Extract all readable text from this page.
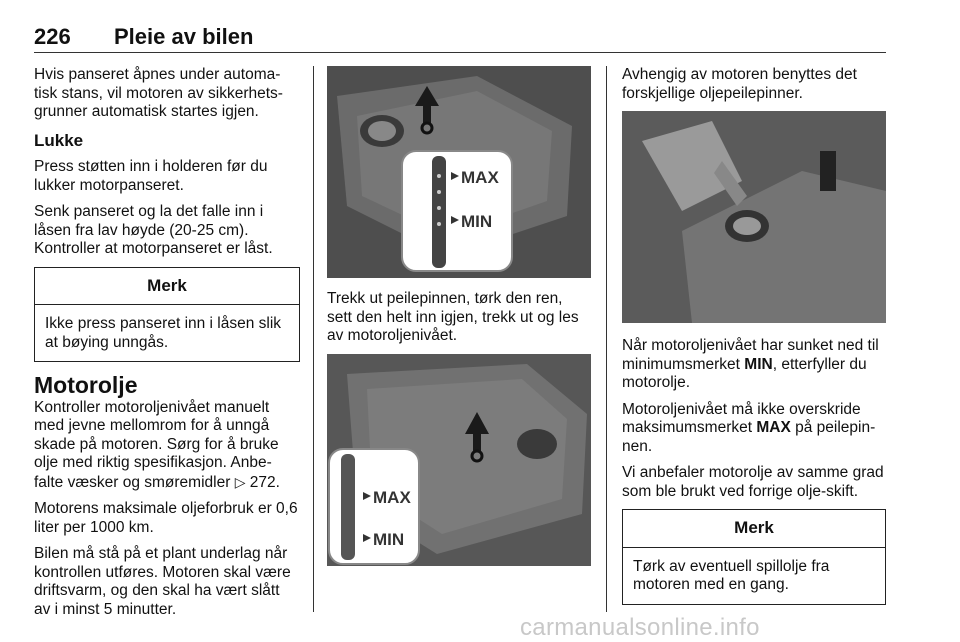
226 Pleie av bilen

Hvis panseret åpnes under automa-tisk stans, vil motoren av sikkerhets-grunner automatisk startes igjen.

Lukke

Press støtten inn i holderen før du lukker motorpanseret.

Senk panseret og la det falle inn i låsen fra lav høyde (20-25 cm). Kontroller at motorpanseret er låst.

Merk
Ikke press panseret inn i låsen slik at bøying unngås.
Motorolje

Kontroller motoroljenivået manuelt med jevne mellomrom for å unngå skade på motoren. Sørg for å bruke olje med riktig spesifikasjon. Anbe-falte væsker og smøremidler ▷ 272.

Motorens maksimale oljeforbruk er 0,6 liter per 1000 km.

Bilen må stå på et plant underlag når kontrollen utføres. Motoren skal være driftsvarm, og den skal ha vært slått av i minst 5 minutter.

MAX
MIN

Trekk ut peilepinnen, tørk den ren, sett den helt inn igjen, trekk ut og les av motoroljenivået.

MAX
MIN

Avhengig av motoren benyttes det forskjellige oljepeilepinner.

Når motoroljenivået har sunket ned til minimumsmerket MIN, etterfyller du motorolje.

Motoroljenivået må ikke overskride maksimumsmerket MAX på peilepin-nen.

Vi anbefaler motorolje av samme grad som ble brukt ved forrige olje-skift.

Merk
Tørk av eventuell spillolje fra motoren med en gang.
carmanualsonline.info
